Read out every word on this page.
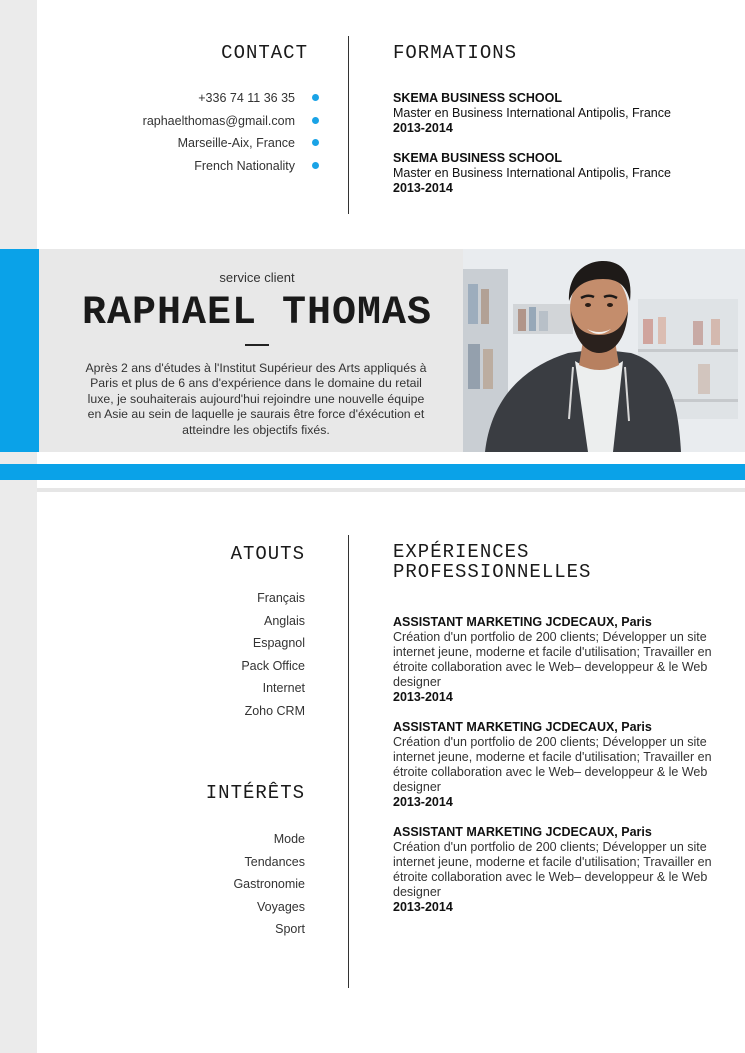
CONTACT
+336 74 11 36 35
raphaelthomas@gmail.com
Marseille-Aix, France
French Nationality
FORMATIONS
SKEMA BUSINESS SCHOOL
Master en Business International Antipolis, France
2013-2014
SKEMA BUSINESS SCHOOL
Master en Business International Antipolis, France
2013-2014
service client
RAPHAEL THOMAS

Après 2 ans d'études à l'Institut Supérieur des Arts appliqués à Paris et plus de 6 ans d'expérience dans le domaine du retail luxe, je souhaiterais aujourd'hui rejoindre une nouvelle équipe en Asie au sein de laquelle je saurais être force d'éxécution et atteindre les objectifs fixés.

ATOUTS
Français
Anglais
Espagnol
Pack Office
Internet
Zoho CRM
INTÉRÊTS
Mode
Tendances
Gastronomie
Voyages
Sport
EXPÉRIENCES
PROFESSIONNELLES
ASSISTANT MARKETING JCDECAUX, Paris
Création d'un portfolio de 200 clients; Développer un site internet jeune, moderne et facile d'utilisation; Travailler en étroite collaboration avec le Web– developpeur & le Web designer
2013-2014
ASSISTANT MARKETING JCDECAUX, Paris
Création d'un portfolio de 200 clients; Développer un site internet jeune, moderne et facile d'utilisation; Travailler en étroite collaboration avec le Web– developpeur & le Web designer
2013-2014
ASSISTANT MARKETING JCDECAUX, Paris
Création d'un portfolio de 200 clients; Développer un site internet jeune, moderne et facile d'utilisation; Travailler en étroite collaboration avec le Web– developpeur & le Web designer
2013-2014
